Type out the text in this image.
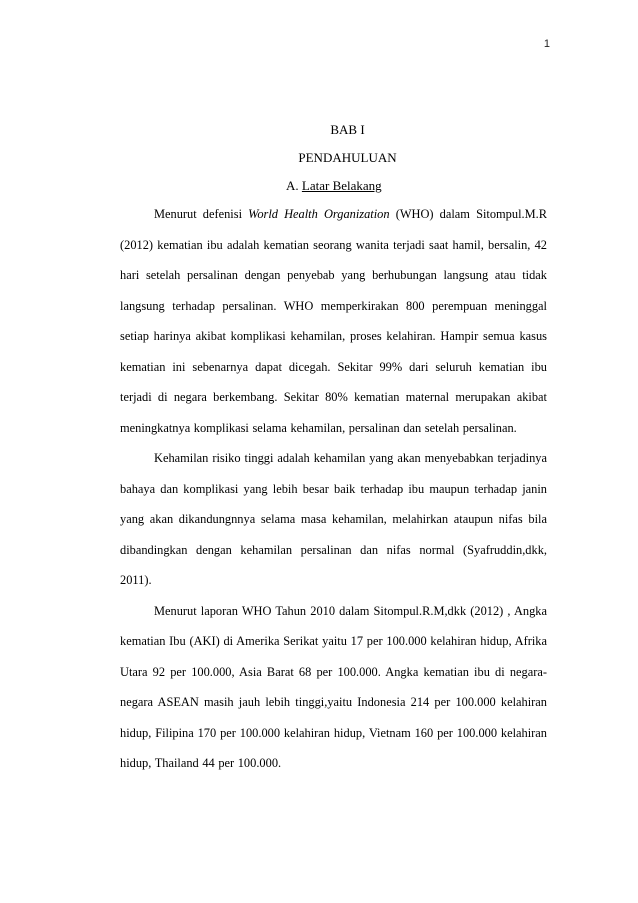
1
BAB I
PENDAHULUAN
A. Latar Belakang

Menurut defenisi World Health Organization (WHO) dalam Sitompul.M.R (2012) kematian ibu adalah kematian seorang wanita terjadi saat hamil, bersalin, 42 hari setelah persalinan dengan penyebab yang berhubungan langsung atau tidak langsung terhadap persalinan. WHO memperkirakan 800 perempuan meninggal setiap harinya akibat komplikasi kehamilan, proses kelahiran. Hampir semua kasus kematian ini sebenarnya dapat dicegah. Sekitar 99% dari seluruh kematian ibu terjadi di negara berkembang. Sekitar 80% kematian maternal merupakan akibat meningkatnya komplikasi selama kehamilan, persalinan dan setelah persalinan.

Kehamilan risiko tinggi adalah kehamilan yang akan menyebabkan terjadinya bahaya dan komplikasi yang lebih besar baik terhadap ibu maupun terhadap janin yang akan dikandungnnya selama masa kehamilan, melahirkan ataupun nifas bila dibandingkan dengan kehamilan persalinan dan nifas normal (Syafruddin,dkk, 2011).

Menurut laporan WHO Tahun 2010 dalam Sitompul.R.M,dkk (2012) , Angka kematian Ibu (AKI) di Amerika Serikat yaitu 17 per 100.000 kelahiran hidup, Afrika Utara 92 per 100.000, Asia Barat 68 per 100.000. Angka kematian ibu di negara-negara ASEAN masih jauh lebih tinggi,yaitu Indonesia 214 per 100.000 kelahiran hidup, Filipina 170 per 100.000 kelahiran hidup, Vietnam 160 per 100.000 kelahiran hidup, Thailand 44 per 100.000.
